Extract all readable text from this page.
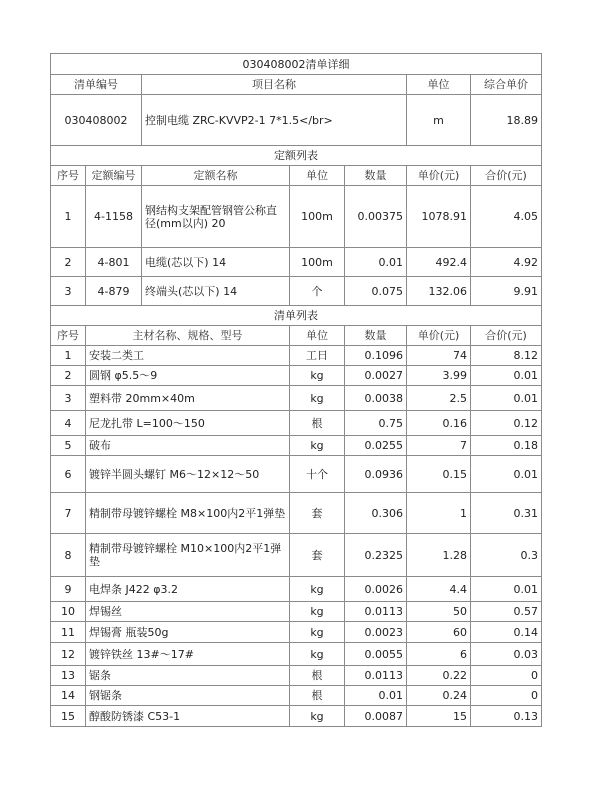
030408002清单详细						
清单编号		项目名称			单位	综合单价
030408002		控制电缆 ZRC-KVVP2-1 7*1.5</br>			m	18.89
定额列表						
序号	定额编号	定额名称	单位	数量	单价(元)	合价(元)
1	4-1158	钢结构支架配管钢管公称直径(mm以内) 20	100m	0.00375	1078.91	4.05
2	4-801	电缆(芯以下) 14	100m	0.01	492.4	4.92
3	4-879	终端头(芯以下) 14	个	0.075	132.06	9.91
清单列表						
序号	主材名称、规格、型号		单位	数量	单价(元)	合价(元)
1	安装二类工		工日	0.1096	74	8.12
2	圆钢 φ5.5～9		kg	0.0027	3.99	0.01
3	塑料带 20mm×40m		kg	0.0038	2.5	0.01
4	尼龙扎带 L=100～150		根	0.75	0.16	0.12
5	破布		kg	0.0255	7	0.18
6	镀锌半圆头螺钉 M6～12×12～50		十个	0.0936	0.15	0.01
7	精制带母镀锌螺栓 M8×100内2平1弹垫		套	0.306	1	0.31
8	精制带母镀锌螺栓 M10×100内2平1弹垫		套	0.2325	1.28	0.3
9	电焊条 J422 φ3.2		kg	0.0026	4.4	0.01
10	焊锡丝		kg	0.0113	50	0.57
11	焊锡膏 瓶装50g		kg	0.0023	60	0.14
12	镀锌铁丝 13#～17#		kg	0.0055	6	0.03
13	锯条		根	0.0113	0.22	0
14	钢锯条		根	0.01	0.24	0
15	醇酸防锈漆 C53-1		kg	0.0087	15	0.13
